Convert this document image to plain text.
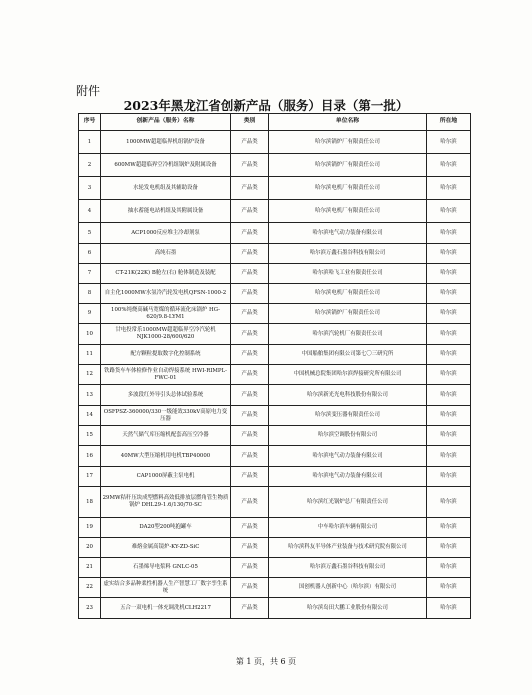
附件
2023年黑龙江省创新产品（服务）目录（第一批）
序号	创新产品（服务）名称	类别	单位名称	所在地
1	1000MW超超临界机组锅炉设备	产品类	哈尔滨锅炉厂有限责任公司	哈尔滨
2	600MW超超临界空冷机组锅炉及附属设备	产品类	哈尔滨锅炉厂有限责任公司	哈尔滨
3	水轮发电机组及其辅助设备	产品类	哈尔滨电机厂有限责任公司	哈尔滨
4	抽水蓄能电站机组及其附属设备	产品类	哈尔滨电机厂有限责任公司	哈尔滨
5	ACP1000反应堆主冷却剂泵	产品类	哈尔滨电气动力装备有限公司	哈尔滨
6	高纯石墨	产品类	哈尔滨万鑫石墨谷科技有限公司	哈尔滨
7	CT-21K(22K) B舱左(右) 舱体制造及装配	产品类	哈尔滨哈飞工业有限责任公司	哈尔滨
8	自主化1000MW水氢冷汽轮发电机QFSN-1000-2	产品类	哈尔滨电机厂有限责任公司	哈尔滨
9	100%纯烧高碱马宽煤的循环流化床锅炉 HG-620/9.8-LYM1	产品类	哈尔滨锅炉厂有限责任公司	哈尔滨
10	甘电投常乐1000MW超超临界空冷汽轮机 NJK1000-28/600/620	产品类	哈尔滨汽轮机厂有限责任公司	哈尔滨
11	配方颗粒提取数字化控制系统	产品类	中国船舶集团有限公司第七〇三研究所	哈尔滨
12	铁路货车车体检修作业自动焊接系统 HWI-RIMPL-FWC-01	产品类	中国机械总院集团哈尔滨焊接研究所有限公司	哈尔滨
13	多波段红外导引头总体试验系统	产品类	哈尔滨新光光电科技股份有限公司	哈尔滨
14	OSFPSZ-360000/330一级能效330kV高原电力变压器	产品类	哈尔滨变压器有限责任公司	哈尔滨
15	天然气储气库压缩机配套高压空冷器	产品类	哈尔滨空调股份有限公司	哈尔滨
16	40MW大型压缩机用电机TBP40000	产品类	哈尔滨电气动力装备有限公司	哈尔滨
17	CAP1000屏蔽主泵电机	产品类	哈尔滨电气动力装备有限公司	哈尔滨
18	29MW秸秆压块成型燃料高效低排放层燃角管生物质锅炉 DHL29-1.6/130/70-SC	产品类	哈尔滨红光锅炉总厂有限责任公司	哈尔滨
19	DA20型200吨抱罐车	产品类	中车哈尔滨车辆有限公司	哈尔滨
20	难熔金属高镜炉-KY-ZD-SiC	产品类	哈尔滨科友半导体产业装备与技术研究院有限公司	哈尔滨
21	石墨烯导电浆料 GNLC-05	产品类	哈尔滨万鑫石墨谷科技有限公司	哈尔滨
22	虚实结合多品种柔性机器人生产智慧工厂数字孪生系统	产品类	国创机器人创新中心（哈尔滨）有限公司	哈尔滨
23	五合一双电机一体充调洗机CLH2217	产品类	哈尔滨岛田大鹏工业股份有限公司	哈尔滨
第 1 页，共 6 页
